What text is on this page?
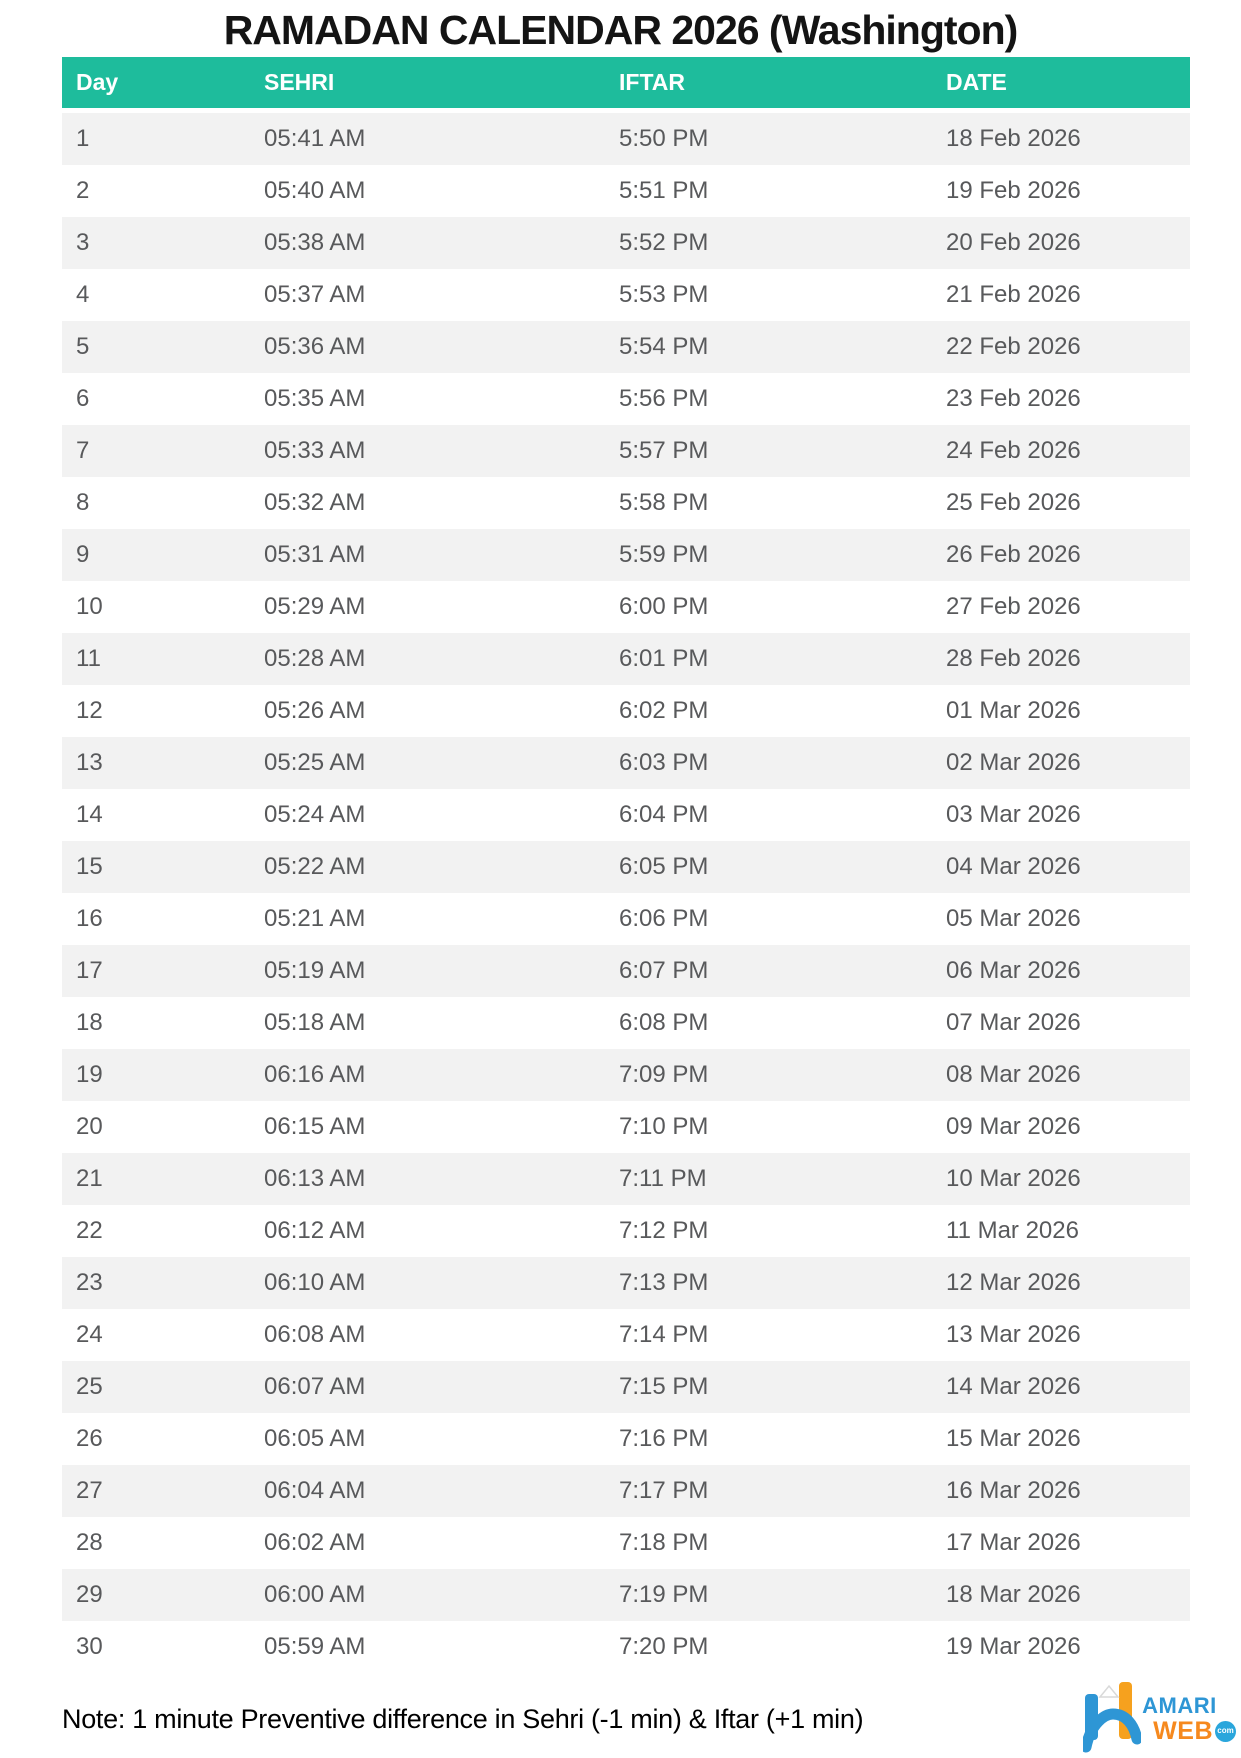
RAMADAN CALENDAR 2026 (Washington)
Day	SEHRI	IFTAR	DATE
1	05:41 AM	5:50 PM	18 Feb 2026
2	05:40 AM	5:51 PM	19 Feb 2026
3	05:38 AM	5:52 PM	20 Feb 2026
4	05:37 AM	5:53 PM	21 Feb 2026
5	05:36 AM	5:54 PM	22 Feb 2026
6	05:35 AM	5:56 PM	23 Feb 2026
7	05:33 AM	5:57 PM	24 Feb 2026
8	05:32 AM	5:58 PM	25 Feb 2026
9	05:31 AM	5:59 PM	26 Feb 2026
10	05:29 AM	6:00 PM	27 Feb 2026
11	05:28 AM	6:01 PM	28 Feb 2026
12	05:26 AM	6:02 PM	01 Mar 2026
13	05:25 AM	6:03 PM	02 Mar 2026
14	05:24 AM	6:04 PM	03 Mar 2026
15	05:22 AM	6:05 PM	04 Mar 2026
16	05:21 AM	6:06 PM	05 Mar 2026
17	05:19 AM	6:07 PM	06 Mar 2026
18	05:18 AM	6:08 PM	07 Mar 2026
19	06:16 AM	7:09 PM	08 Mar 2026
20	06:15 AM	7:10 PM	09 Mar 2026
21	06:13 AM	7:11 PM	10 Mar 2026
22	06:12 AM	7:12 PM	11 Mar 2026
23	06:10 AM	7:13 PM	12 Mar 2026
24	06:08 AM	7:14 PM	13 Mar 2026
25	06:07 AM	7:15 PM	14 Mar 2026
26	06:05 AM	7:16 PM	15 Mar 2026
27	06:04 AM	7:17 PM	16 Mar 2026
28	06:02 AM	7:18 PM	17 Mar 2026
29	06:00 AM	7:19 PM	18 Mar 2026
30	05:59 AM	7:20 PM	19 Mar 2026
Note: 1 minute Preventive difference in Sehri (-1 min) & Iftar (+1 min)	AMARI
WEB com
